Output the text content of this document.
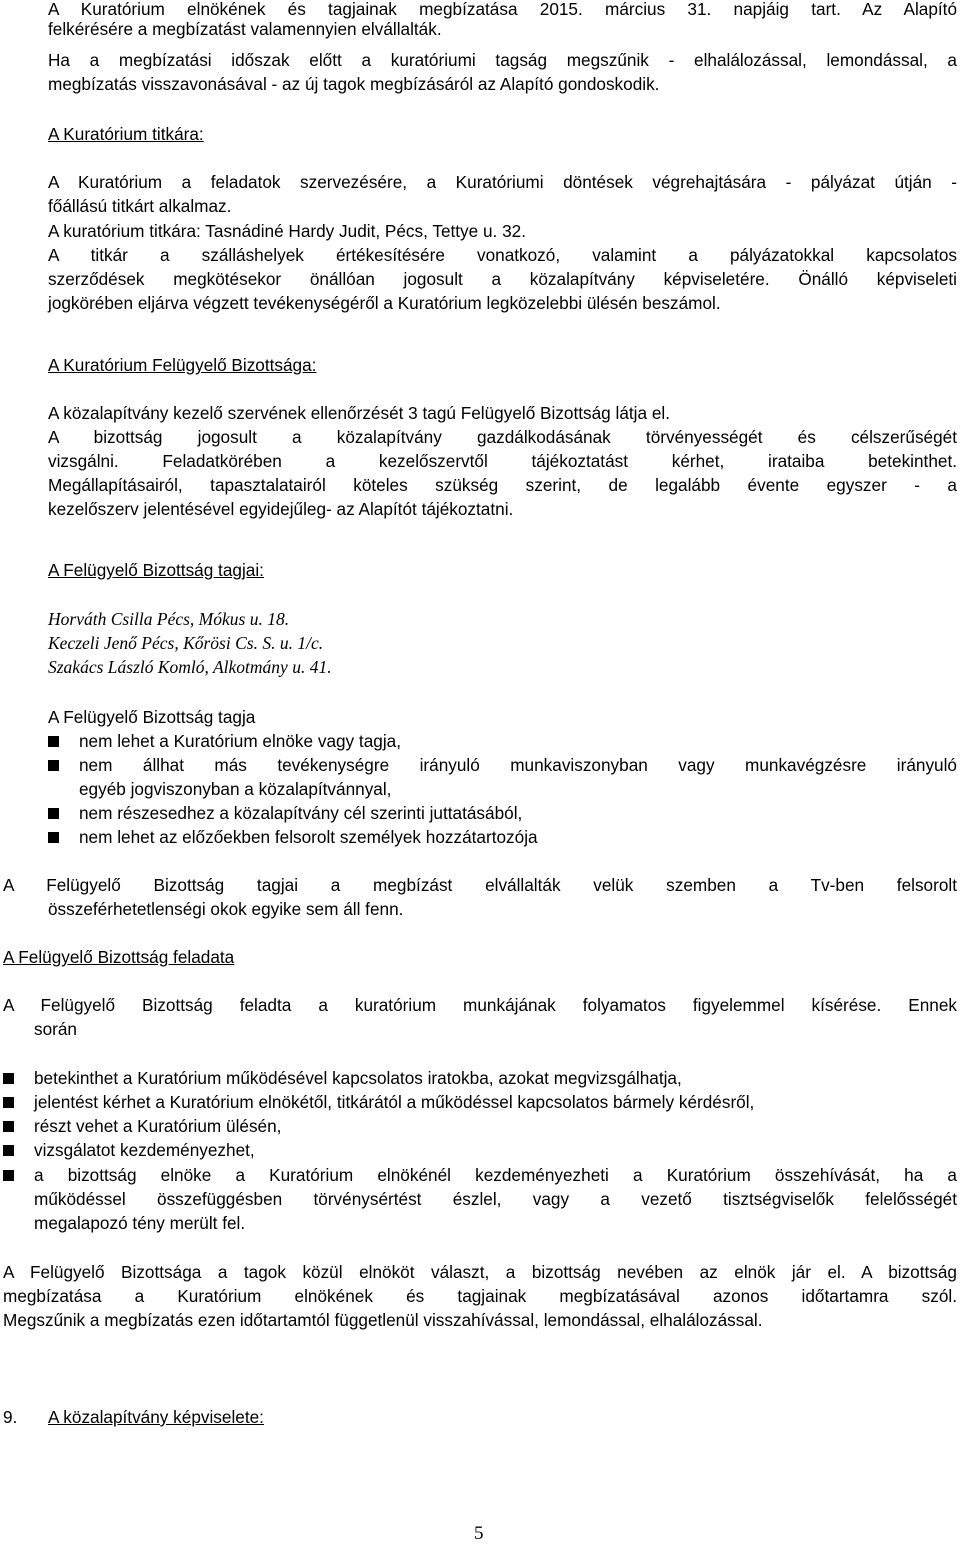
A Kuratórium elnökének és tagjainak megbízatása 2015. március 31. napjáig tart. Az Alapító
felkérésére a megbízatást valamennyien elvállalták.
Ha a megbízatási időszak előtt a kuratóriumi tagság megszűnik - elhalálozással, lemondással, a
megbízatás visszavonásával - az új tagok megbízásáról az Alapító gondoskodik.
A Kuratórium titkára:
A Kuratórium a feladatok szervezésére, a Kuratóriumi döntések végrehajtására - pályázat útján -
főállású titkárt alkalmaz.
A kuratórium titkára: Tasnádiné Hardy Judit, Pécs, Tettye u. 32.
A titkár a szálláshelyek értékesítésére vonatkozó, valamint a pályázatokkal kapcsolatos
szerződések megkötésekor önállóan jogosult a közalapítvány képviseletére. Önálló képviseleti
jogkörében eljárva végzett tevékenységéről a Kuratórium legközelebbi ülésén beszámol.
A Kuratórium Felügyelő Bizottsága:
A közalapítvány kezelő szervének ellenőrzését 3 tagú Felügyelő Bizottság látja el.
A bizottság jogosult a közalapítvány gazdálkodásának törvényességét és célszerűségét
vizsgálni. Feladatkörében a kezelőszervtől tájékoztatást kérhet, irataiba betekinthet.
Megállapításairól, tapasztalatairól köteles szükség szerint, de legalább évente egyszer - a
kezelőszerv jelentésével egyidejűleg- az Alapítót tájékoztatni.
A Felügyelő Bizottság tagjai:
Horváth Csilla Pécs, Mókus u. 18.
Keczeli Jenő Pécs, Kőrösi Cs. S. u. 1/c.
Szakács László Komló, Alkotmány u. 41.
A Felügyelő Bizottság tagja
nem lehet a Kuratórium elnöke vagy tagja,
nem állhat más tevékenységre irányuló munkaviszonyban vagy munkavégzésre irányuló
egyéb jogviszonyban a közalapítvánnyal,
nem részesedhez a közalapítvány cél szerinti juttatásából,
nem lehet az előzőekben felsorolt személyek hozzátartozója
A Felügyelő Bizottság tagjai a megbízást elvállalták velük szemben a Tv-ben felsorolt
összeférhetetlenségi okok egyike sem áll fenn.
A Felügyelő Bizottság feladata
A Felügyelő Bizottság feladta a kuratórium munkájának folyamatos figyelemmel kísérése. Ennek
során
betekinthet a Kuratórium működésével kapcsolatos iratokba, azokat megvizsgálhatja,
jelentést kérhet a Kuratórium elnökétől, titkárától a működéssel kapcsolatos bármely kérdésről,
részt vehet a Kuratórium ülésén,
vizsgálatot kezdeményezhet,
a bizottság elnöke a Kuratórium elnökénél kezdeményezheti a Kuratórium összehívását, ha a
működéssel összefüggésben törvénysértést észlel, vagy a vezető tisztségviselők felelősségét
megalapozó tény merült fel.
A Felügyelő Bizottsága a tagok közül elnököt választ, a bizottság nevében az elnök jár el. A bizottság
megbízatása a Kuratórium elnökének és tagjainak megbízatásával azonos időtartamra szól.
Megszűnik a megbízatás ezen időtartamtól függetlenül visszahívással, lemondással, elhalálozással.
9. A közalapítvány képviselete:
5
